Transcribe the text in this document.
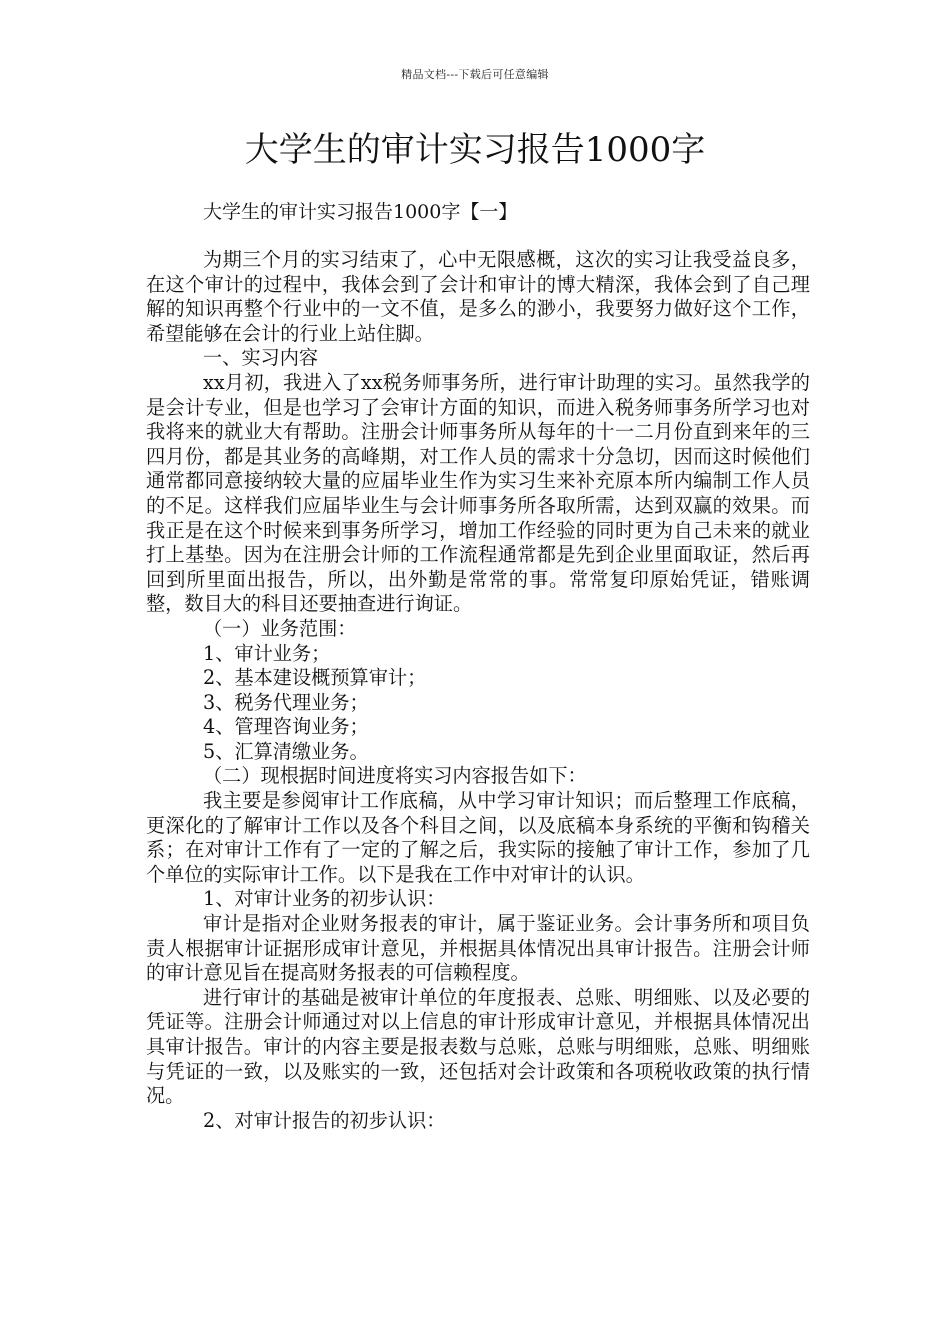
精品文档---下载后可任意编辑
大学生的审计实习报告1000字
大学生的审计实习报告1000字【一】

为期三个月的实习结束了，心中无限感概，这次的实习让我受益良多，在这个审计的过程中，我体会到了会计和审计的博大精深，我体会到了自己理解的知识再整个行业中的一文不值，是多么的渺小，我要努力做好这个工作，希望能够在会计的行业上站住脚。

一、实习内容

xx月初，我进入了xx税务师事务所，进行审计助理的实习。虽然我学的是会计专业，但是也学习了会审计方面的知识，而进入税务师事务所学习也对我将来的就业大有帮助。注册会计师事务所从每年的十一二月份直到来年的三四月份，都是其业务的高峰期，对工作人员的需求十分急切，因而这时候他们通常都同意接纳较大量的应届毕业生作为实习生来补充原本所内编制工作人员的不足。这样我们应届毕业生与会计师事务所各取所需，达到双赢的效果。而我正是在这个时候来到事务所学习，增加工作经验的同时更为自己未来的就业打上基垫。因为在注册会计师的工作流程通常都是先到企业里面取证，然后再回到所里面出报告，所以，出外勤是常常的事。常常复印原始凭证，错账调整，数目大的科目还要抽查进行询证。

（一）业务范围：

1、审计业务；

2、基本建设概预算审计；

3、税务代理业务；

4、管理咨询业务；

5、汇算清缴业务。

（二）现根据时间进度将实习内容报告如下：

我主要是参阅审计工作底稿，从中学习审计知识；而后整理工作底稿，更深化的了解审计工作以及各个科目之间，以及底稿本身系统的平衡和钩稽关系；在对审计工作有了一定的了解之后，我实际的接触了审计工作，参加了几个单位的实际审计工作。以下是我在工作中对审计的认识。

1、对审计业务的初步认识：

审计是指对企业财务报表的审计，属于鉴证业务。会计事务所和项目负责人根据审计证据形成审计意见，并根据具体情况出具审计报告。注册会计师的审计意见旨在提高财务报表的可信赖程度。

进行审计的基础是被审计单位的年度报表、总账、明细账、以及必要的凭证等。注册会计师通过对以上信息的审计形成审计意见，并根据具体情况出具审计报告。审计的内容主要是报表数与总账，总账与明细账，总账、明细账与凭证的一致，以及账实的一致，还包括对会计政策和各项税收政策的执行情况。

2、对审计报告的初步认识：
